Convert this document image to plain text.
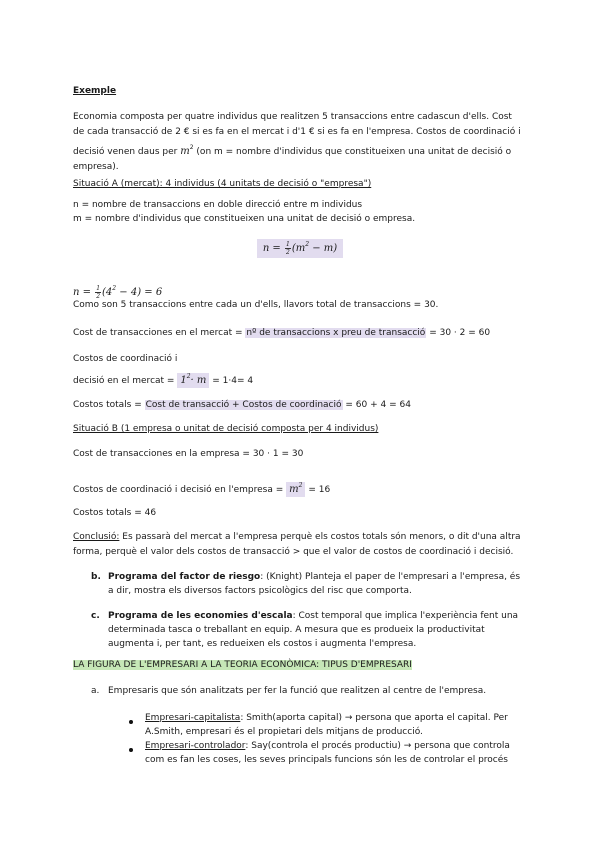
Exemple
Economia composta per quatre individus que realitzen 5 transaccions entre cadascun d'ells. Cost
de cada transacció de 2 € si es fa en el mercat i d'1 € si es fa en l'empresa. Costos de coordinació i
decisió venen daus per $m^2$ (on m = nombre d'individus que constitueixen una unitat de decisió o
empresa).
Situació A (mercat): 4 individus (4 unitats de decisió o "empresa")
n = nombre de transaccions en doble direcció entre m individus
m = nombre d'individus que constitueixen una unitat de decisió o empresa.
$n = \frac{1}{2} (m^2 - m)$
$n = \frac{1}{2} (4^2 - 4) = 6$
Como son 5 transaccions entre cada un d'ells, llavors total de transaccions = 30.
Cost de transacciones en el mercat = nº de transaccions x preu de transacció = 30 · 2 = 60
Costos de coordinació i
decisió en el mercat = $1^2\cdot m = 1\cdot 4= 4$
Costos totals = Cost de transacció + Costos de coordinació = 60 + 4 = 64
Situació B (1 empresa o unitat de decisió composta per 4 individus)
Cost de transacciones en la empresa = 30 · 1 = 30
Costos de coordinació i decisió en l'empresa = $m^2 = 16$
Costos totals = 46
Conclusió: Es passarà del mercat a l'empresa perquè els costos totals són menors, o dit d'una altra
forma, perquè el valor dels costos de transacció > que el valor de costos de coordinació i decisió.
b. Programa del factor de riesgo: (Knight) Planteja el paper de l'empresari a l'empresa, és
a dir, mostra els diversos factors psicològics del risc que comporta.
c. Programa de les economies d'escala: Cost temporal que implica l'experiència fent una
determinada tasca o treballant en equip. A mesura que es produeix la productivitat
augmenta i, per tant, es redueixen els costos i augmenta l'empresa.
LA FIGURA DE L'EMPRESARI A LA TEORIA ECONÒMICA: TIPUS D'EMPRESARI
a. Empresaris que són analitzats per fer la funció que realitzen al centre de l'empresa.
Empresari-capitalista: Smith(aporta capital) → persona que aporta el capital. Per
A.Smith, empresari és el propietari dels mitjans de producció.
Empresari-controlador: Say(controla el procés productiu) → persona que controla
com es fan les coses, les seves principals funcions són les de controlar el procés
